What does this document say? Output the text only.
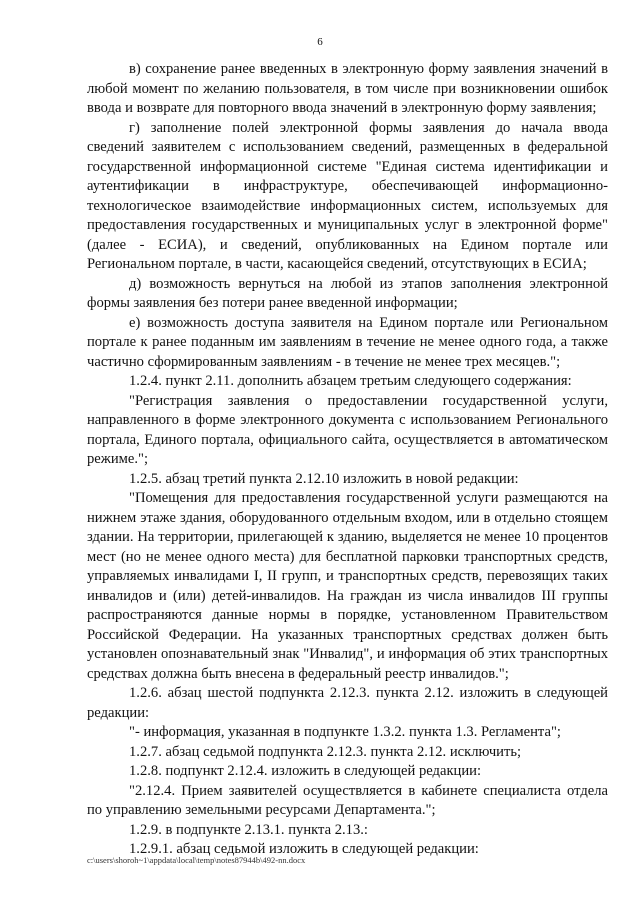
6

в) сохранение ранее введенных в электронную форму заявления значений в любой момент по желанию пользователя, в том числе при возникновении ошибок ввода и возврате для повторного ввода значений в электронную форму заявления;

г) заполнение полей электронной формы заявления до начала ввода сведений заявителем с использованием сведений, размещенных в федеральной государственной информационной системе "Единая система идентификации и аутентификации в инфраструктуре, обеспечивающей информационно-технологическое взаимодействие информационных систем, используемых для предоставления государственных и муниципальных услуг в электронной форме" (далее - ЕСИА), и сведений, опубликованных на Едином портале или Региональном портале, в части, касающейся сведений, отсутствующих в ЕСИА;

д) возможность вернуться на любой из этапов заполнения электронной формы заявления без потери ранее введенной информации;

е) возможность доступа заявителя на Едином портале или Региональном портале к ранее поданным им заявлениям в течение не менее одного года, а также частично сформированным заявлениям - в течение не менее трех месяцев.";

1.2.4. пункт 2.11. дополнить абзацем третьим следующего содержания:

"Регистрация заявления о предоставлении государственной услуги, направленного в форме электронного документа с использованием Регионального портала, Единого портала, официального сайта, осуществляется в автоматическом режиме.";

1.2.5. абзац третий пункта 2.12.10 изложить в новой редакции:

"Помещения для предоставления государственной услуги размещаются на нижнем этаже здания, оборудованного отдельным входом, или в отдельно стоящем здании. На территории, прилегающей к зданию, выделяется не менее 10 процентов мест (но не менее одного места) для бесплатной парковки транспортных средств, управляемых инвалидами I, II групп, и транспортных средств, перевозящих таких инвалидов и (или) детей-инвалидов. На граждан из числа инвалидов III группы распространяются данные нормы в порядке, установленном Правительством Российской Федерации. На указанных транспортных средствах должен быть установлен опознавательный знак "Инвалид", и информация об этих транспортных средствах должна быть внесена в федеральный реестр инвалидов.";

1.2.6. абзац шестой подпункта 2.12.3. пункта 2.12. изложить в следующей редакции:

"- информация, указанная в подпункте 1.3.2. пункта 1.3. Регламента";

1.2.7. абзац седьмой подпункта 2.12.3. пункта 2.12. исключить;

1.2.8. подпункт 2.12.4. изложить в следующей редакции:

"2.12.4. Прием заявителей осуществляется в кабинете специалиста отдела по управлению земельными ресурсами Департамента.";

1.2.9. в подпункте 2.13.1. пункта 2.13.:

1.2.9.1. абзац седьмой изложить в следующей редакции:

c:\users\shoroh~1\appdata\local\temp\notes87944b\492-nn.docx
